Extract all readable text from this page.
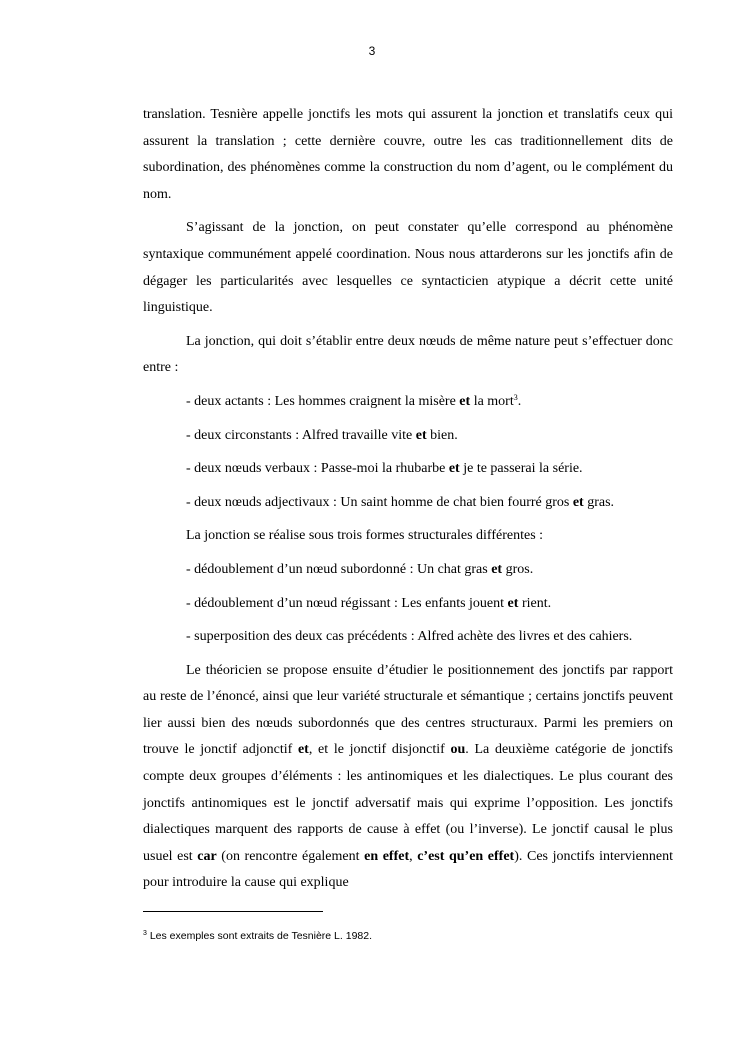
3

translation. Tesnière appelle jonctifs les mots qui assurent la jonction et translatifs ceux qui assurent la translation ; cette dernière couvre, outre les cas traditionnellement dits de subordination, des phénomènes comme la construction du nom d’agent, ou le complément du nom.

S’agissant de la jonction, on peut constater qu’elle correspond au phénomène syntaxique communément appelé coordination. Nous nous attarderons sur les jonctifs afin de dégager les particularités avec lesquelles ce syntacticien atypique a décrit cette unité linguistique.

La jonction, qui doit s’établir entre deux nœuds de même nature peut s’effectuer donc entre :

- deux actants : Les hommes craignent la misère et la mort$^3$.

- deux circonstants : Alfred travaille vite et bien.

- deux nœuds verbaux : Passe-moi la rhubarbe et je te passerai la série.

- deux nœuds adjectivaux : Un saint homme de chat bien fourré gros et gras.

La jonction se réalise sous trois formes structurales différentes :

- dédoublement d’un nœud subordonné : Un chat gras et gros.

- dédoublement d’un nœud régissant : Les enfants jouent et rient.

- superposition des deux cas précédents : Alfred achète des livres et des cahiers.

Le théoricien se propose ensuite d’étudier le positionnement des jonctifs par rapport au reste de l’énoncé, ainsi que leur variété structurale et sémantique ; certains jonctifs peuvent lier aussi bien des nœuds subordonnés que des centres structuraux. Parmi les premiers on trouve le jonctif adjonctif et, et le jonctif disjonctif ou. La deuxième catégorie de jonctifs compte deux groupes d’éléments : les antinomiques et les dialectiques. Le plus courant des jonctifs antinomiques est le jonctif adversatif mais qui exprime l’opposition. Les jonctifs dialectiques marquent des rapports de cause à effet (ou l’inverse). Le jonctif causal le plus usuel est car (on rencontre également en effet, c’est qu’en effet). Ces jonctifs interviennent pour introduire la cause qui explique

$^3$ Les exemples sont extraits de Tesnière L. 1982.
